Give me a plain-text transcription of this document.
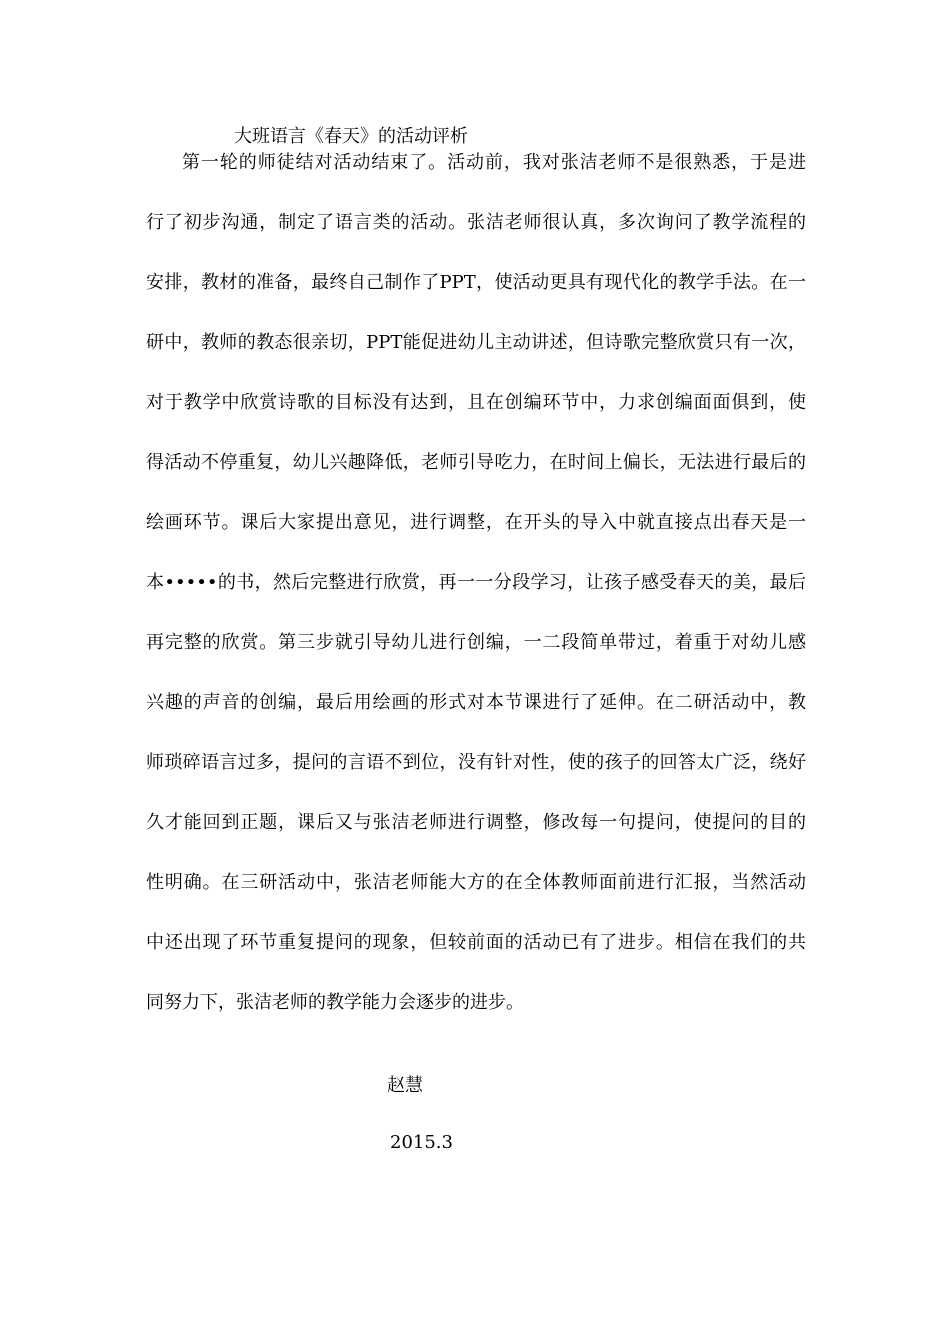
大班语言《春天》的活动评析
第一轮的师徒结对活动结束了。活动前，我对张洁老师不是很熟悉，于是进
行了初步沟通，制定了语言类的活动。张洁老师很认真，多次询问了教学流程的
安排，教材的准备，最终自己制作了PPT，使活动更具有现代化的教学手法。在一
研中，教师的教态很亲切，PPT能促进幼儿主动讲述，但诗歌完整欣赏只有一次，
对于教学中欣赏诗歌的目标没有达到，且在创编环节中，力求创编面面俱到，使
得活动不停重复，幼儿兴趣降低，老师引导吃力，在时间上偏长，无法进行最后的
绘画环节。课后大家提出意见，进行调整，在开头的导入中就直接点出春天是一
本•••••的书，然后完整进行欣赏，再一一分段学习，让孩子感受春天的美，最后
再完整的欣赏。第三步就引导幼儿进行创编，一二段简单带过，着重于对幼儿感
兴趣的声音的创编，最后用绘画的形式对本节课进行了延伸。在二研活动中，教
师琐碎语言过多，提问的言语不到位，没有针对性，使的孩子的回答太广泛，绕好
久才能回到正题，课后又与张洁老师进行调整，修改每一句提问，使提问的目的
性明确。在三研活动中，张洁老师能大方的在全体教师面前进行汇报，当然活动
中还出现了环节重复提问的现象，但较前面的活动已有了进步。相信在我们的共
同努力下，张洁老师的教学能力会逐步的进步。
赵慧
2015.3
